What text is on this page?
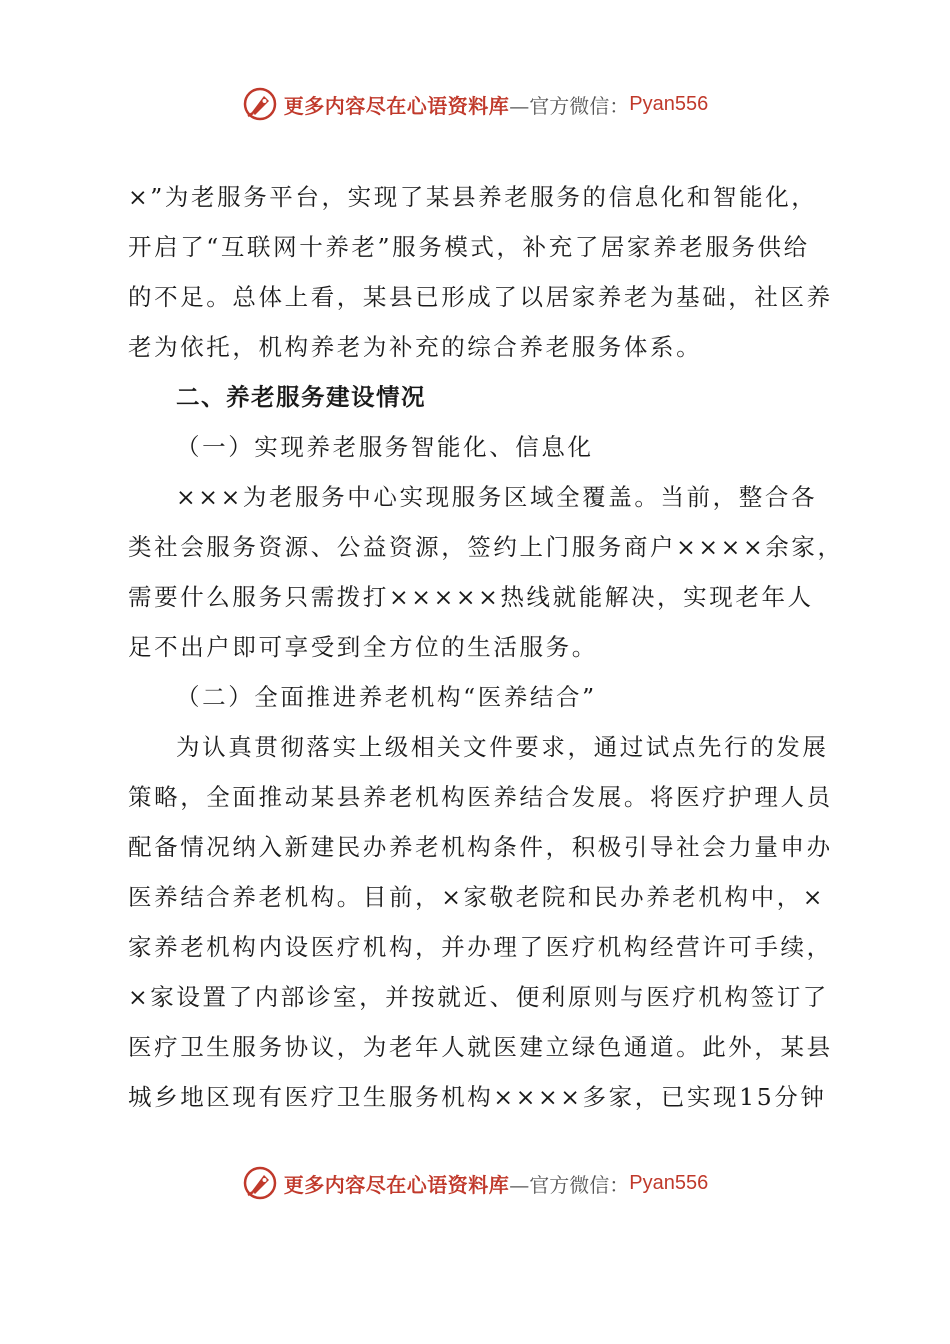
更多内容尽在心语资料库 —官方微信： Pyan556
×”为老服务平台，实现了某县养老服务的信息化和智能化，
开启了“互联网十养老”服务模式，补充了居家养老服务供给
的不足。总体上看，某县已形成了以居家养老为基础，社区养
老为依托，机构养老为补充的综合养老服务体系。
二、养老服务建设情况
（一）实现养老服务智能化、信息化
×××为老服务中心实现服务区域全覆盖。当前，整合各
类社会服务资源、公益资源，签约上门服务商户××××余家，
需要什么服务只需拨打×××××热线就能解决，实现老年人
足不出户即可享受到全方位的生活服务。
（二）全面推进养老机构“医养结合”
为认真贯彻落实上级相关文件要求，通过试点先行的发展
策略，全面推动某县养老机构医养结合发展。将医疗护理人员
配备情况纳入新建民办养老机构条件，积极引导社会力量申办
医养结合养老机构。目前，×家敬老院和民办养老机构中，×
家养老机构内设医疗机构，并办理了医疗机构经营许可手续，
×家设置了内部诊室，并按就近、便利原则与医疗机构签订了
医疗卫生服务协议，为老年人就医建立绿色通道。此外，某县
城乡地区现有医疗卫生服务机构××××多家，已实现15分钟
更多内容尽在心语资料库 —官方微信： Pyan556
